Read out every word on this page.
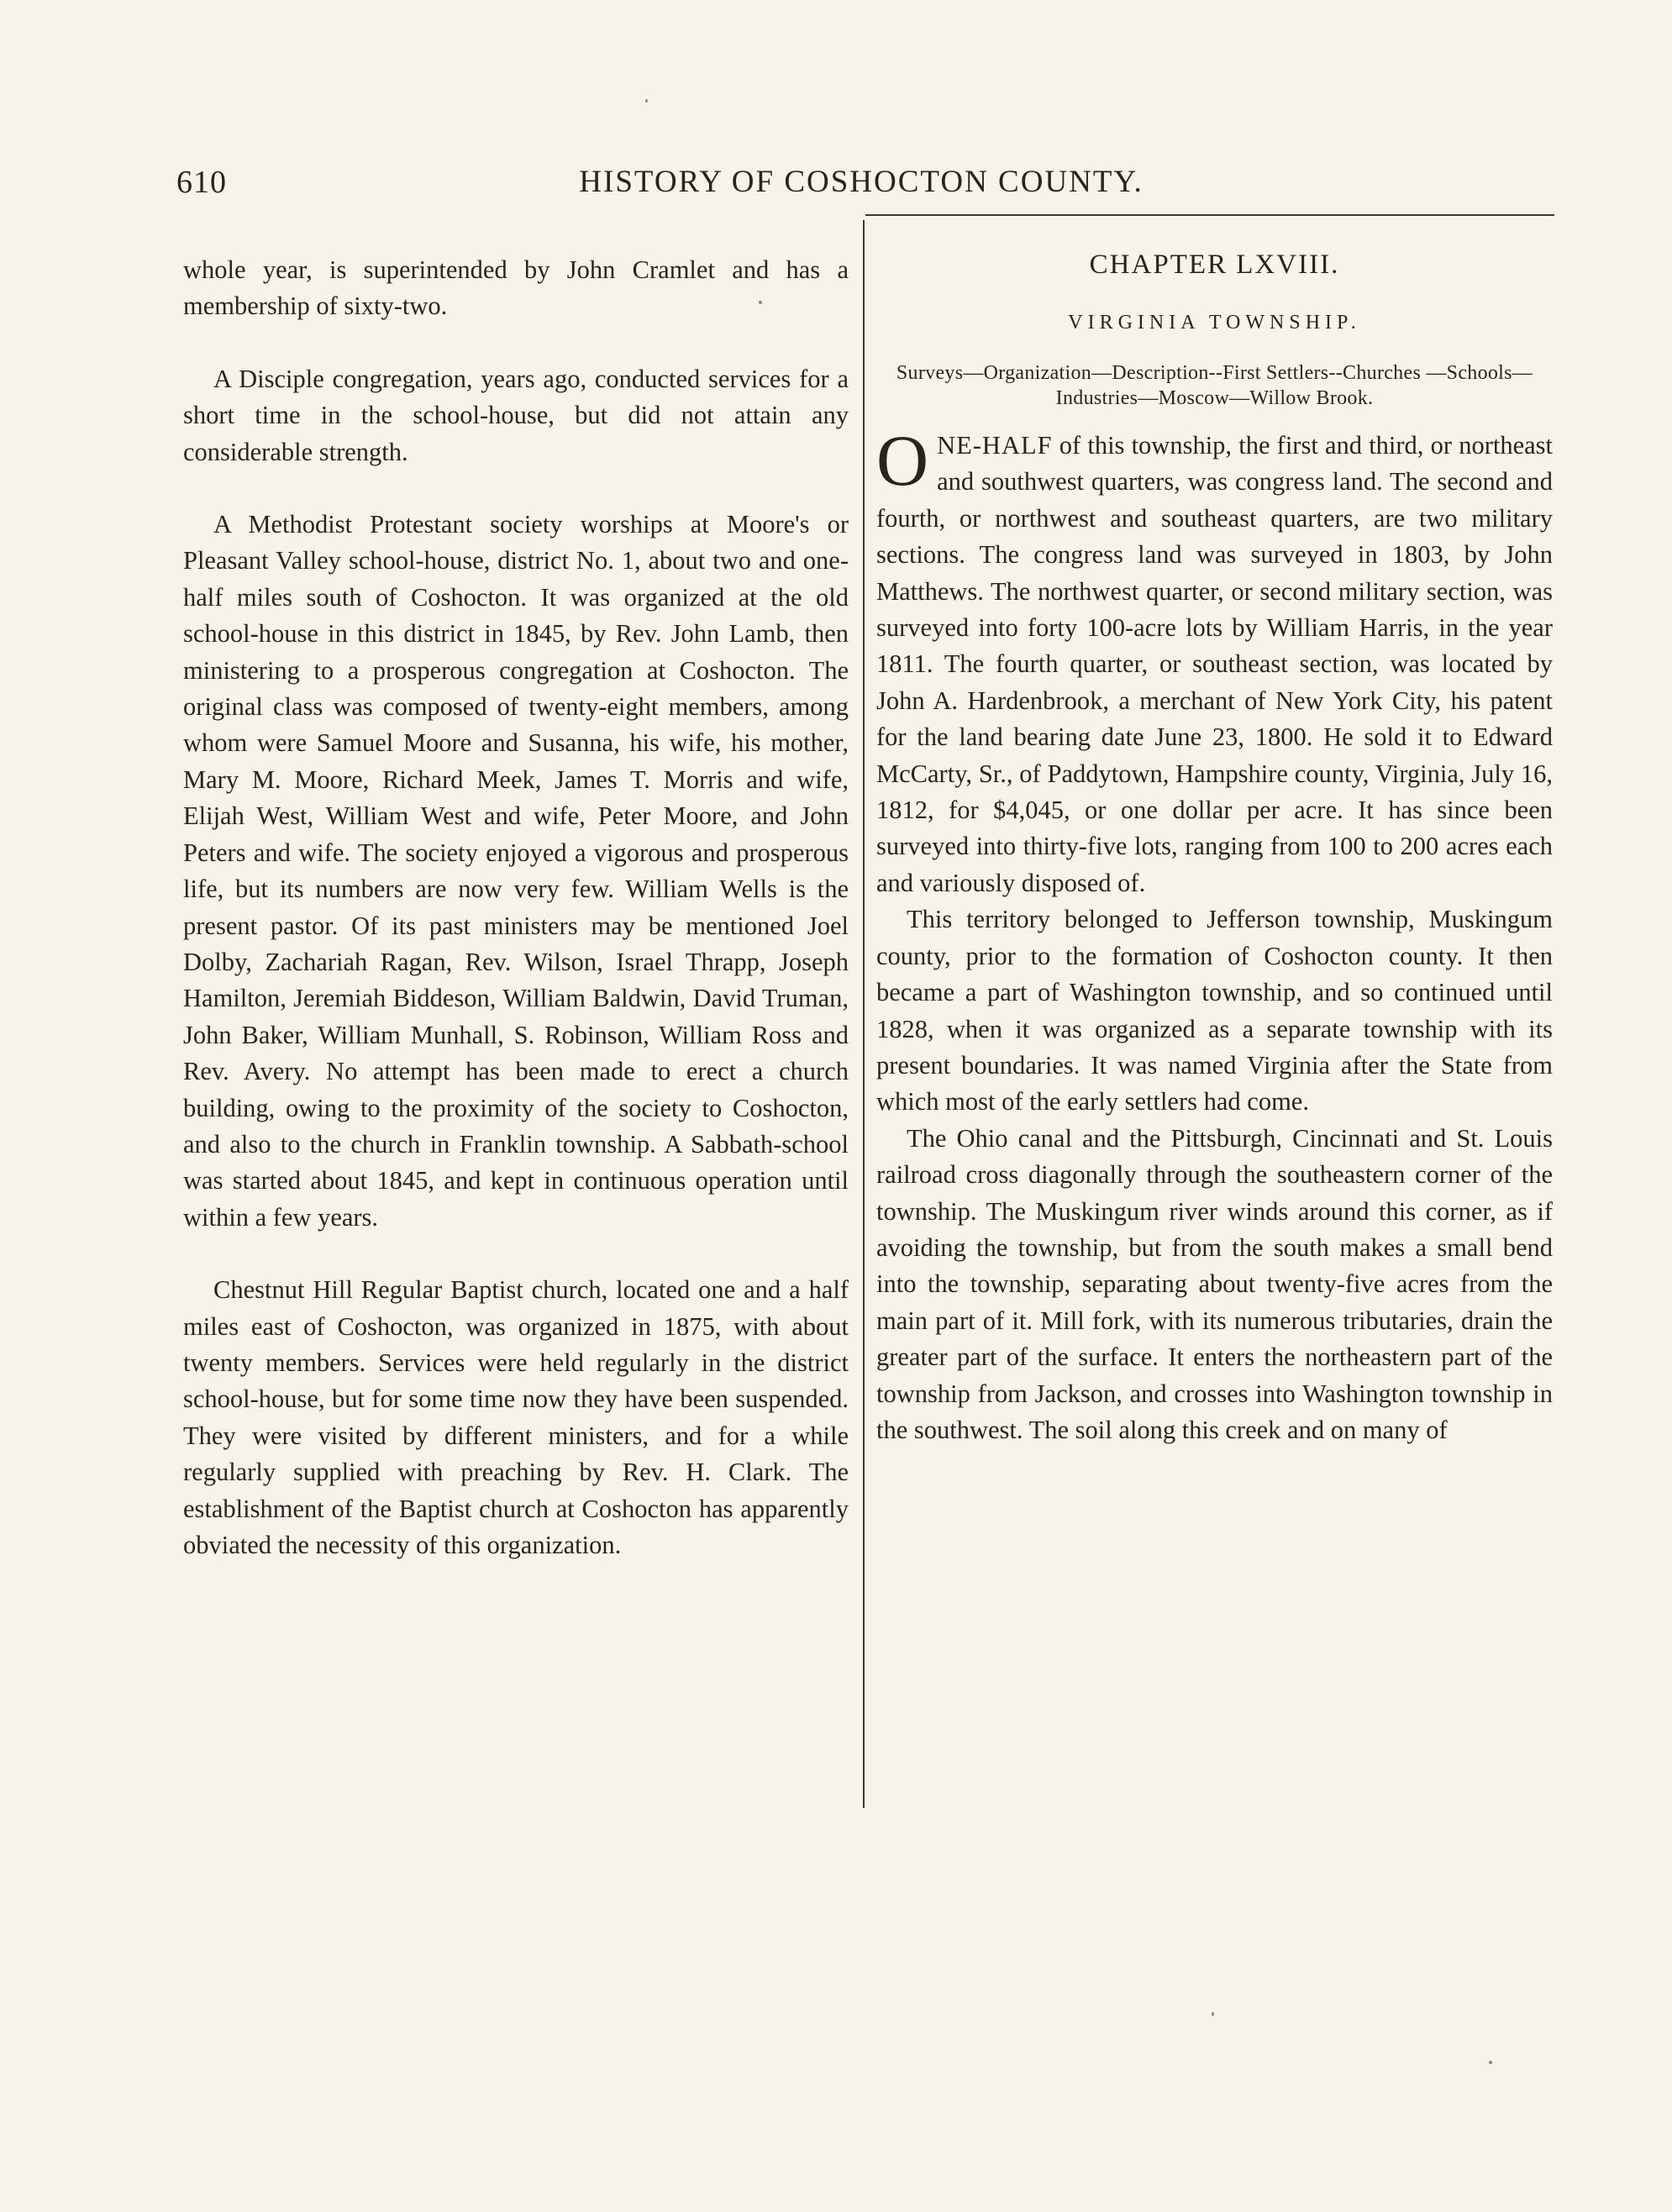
610	HISTORY OF COSHOCTON COUNTY.

whole year, is superintended by John Cramlet and has a membership of sixty-two.

A Disciple congregation, years ago, conducted services for a short time in the school-house, but did not attain any considerable strength.

A Methodist Protestant society worships at Moore's or Pleasant Valley school-house, district No. 1, about two and one-half miles south of Coshocton. It was organized at the old school-house in this district in 1845, by Rev. John Lamb, then ministering to a prosperous congregation at Coshocton. The original class was composed of twenty-eight members, among whom were Samuel Moore and Susanna, his wife, his mother, Mary M. Moore, Richard Meek, James T. Morris and wife, Elijah West, William West and wife, Peter Moore, and John Peters and wife. The society enjoyed a vigorous and prosperous life, but its numbers are now very few. William Wells is the present pastor. Of its past ministers may be mentioned Joel Dolby, Zachariah Ragan, Rev. Wilson, Israel Thrapp, Joseph Hamilton, Jeremiah Biddeson, William Baldwin, David Truman, John Baker, William Munhall, S. Robinson, William Ross and Rev. Avery. No attempt has been made to erect a church building, owing to the proximity of the society to Coshocton, and also to the church in Franklin township. A Sabbath-school was started about 1845, and kept in continuous operation until within a few years.

Chestnut Hill Regular Baptist church, located one and a half miles east of Coshocton, was organized in 1875, with about twenty members. Services were held regularly in the district school-house, but for some time now they have been suspended. They were visited by different ministers, and for a while regularly supplied with preaching by Rev. H. Clark. The establishment of the Baptist church at Coshocton has apparently obviated the necessity of this organization.

CHAPTER LXVIII.
VIRGINIA TOWNSHIP.
Surveys—Organization—Description--First Settlers--Churches —Schools—Industries—Moscow—Willow Brook.

ONE-HALF of this township, the first and third, or northeast and southwest quarters, was congress land. The second and fourth, or northwest and southeast quarters, are two military sections. The congress land was surveyed in 1803, by John Matthews. The northwest quarter, or second military section, was surveyed into forty 100-acre lots by William Harris, in the year 1811. The fourth quarter, or southeast section, was located by John A. Hardenbrook, a merchant of New York City, his patent for the land bearing date June 23, 1800. He sold it to Edward McCarty, Sr., of Paddytown, Hampshire county, Virginia, July 16, 1812, for $4,045, or one dollar per acre. It has since been surveyed into thirty-five lots, ranging from 100 to 200 acres each and variously disposed of.

This territory belonged to Jefferson township, Muskingum county, prior to the formation of Coshocton county. It then became a part of Washington township, and so continued until 1828, when it was organized as a separate township with its present boundaries. It was named Virginia after the State from which most of the early settlers had come.

The Ohio canal and the Pittsburgh, Cincinnati and St. Louis railroad cross diagonally through the southeastern corner of the township. The Muskingum river winds around this corner, as if avoiding the township, but from the south makes a small bend into the township, separating about twenty-five acres from the main part of it. Mill fork, with its numerous tributaries, drain the greater part of the surface. It enters the northeastern part of the township from Jackson, and crosses into Washington township in the southwest. The soil along this creek and on many of
